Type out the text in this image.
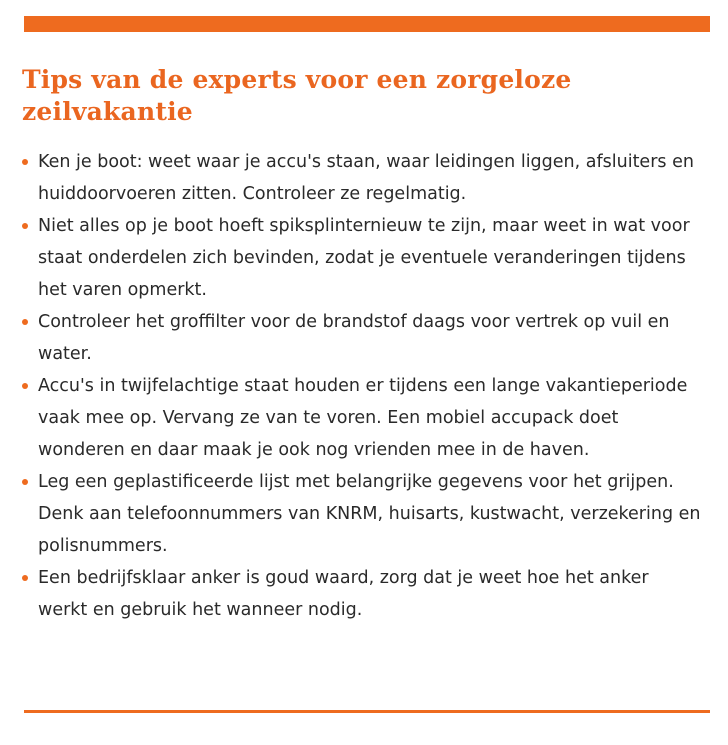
Tips van de experts voor een zorgeloze zeilvakantie
Ken je boot: weet waar je accu's staan, waar leidingen liggen, afsluiters en huiddoorvoeren zitten. Controleer ze regelmatig.
Niet alles op je boot hoeft spiksplinternieuw te zijn, maar weet in wat voor staat onderdelen zich bevinden, zodat je eventuele veranderingen tijdens het varen opmerkt.
Controleer het groffilter voor de brandstof daags voor vertrek op vuil en water.
Accu's in twijfelachtige staat houden er tijdens een lange vakantieperiode vaak mee op. Vervang ze van te voren. Een mobiel accupack doet wonderen en daar maak je ook nog vrienden mee in de haven.
Leg een geplastificeerde lijst met belangrijke gegevens voor het grijpen. Denk aan telefoonnummers van KNRM, huisarts, kustwacht, verzekering en polisnummers.
Een bedrijfsklaar anker is goud waard, zorg dat je weet hoe het anker werkt en gebruik het wanneer nodig.
